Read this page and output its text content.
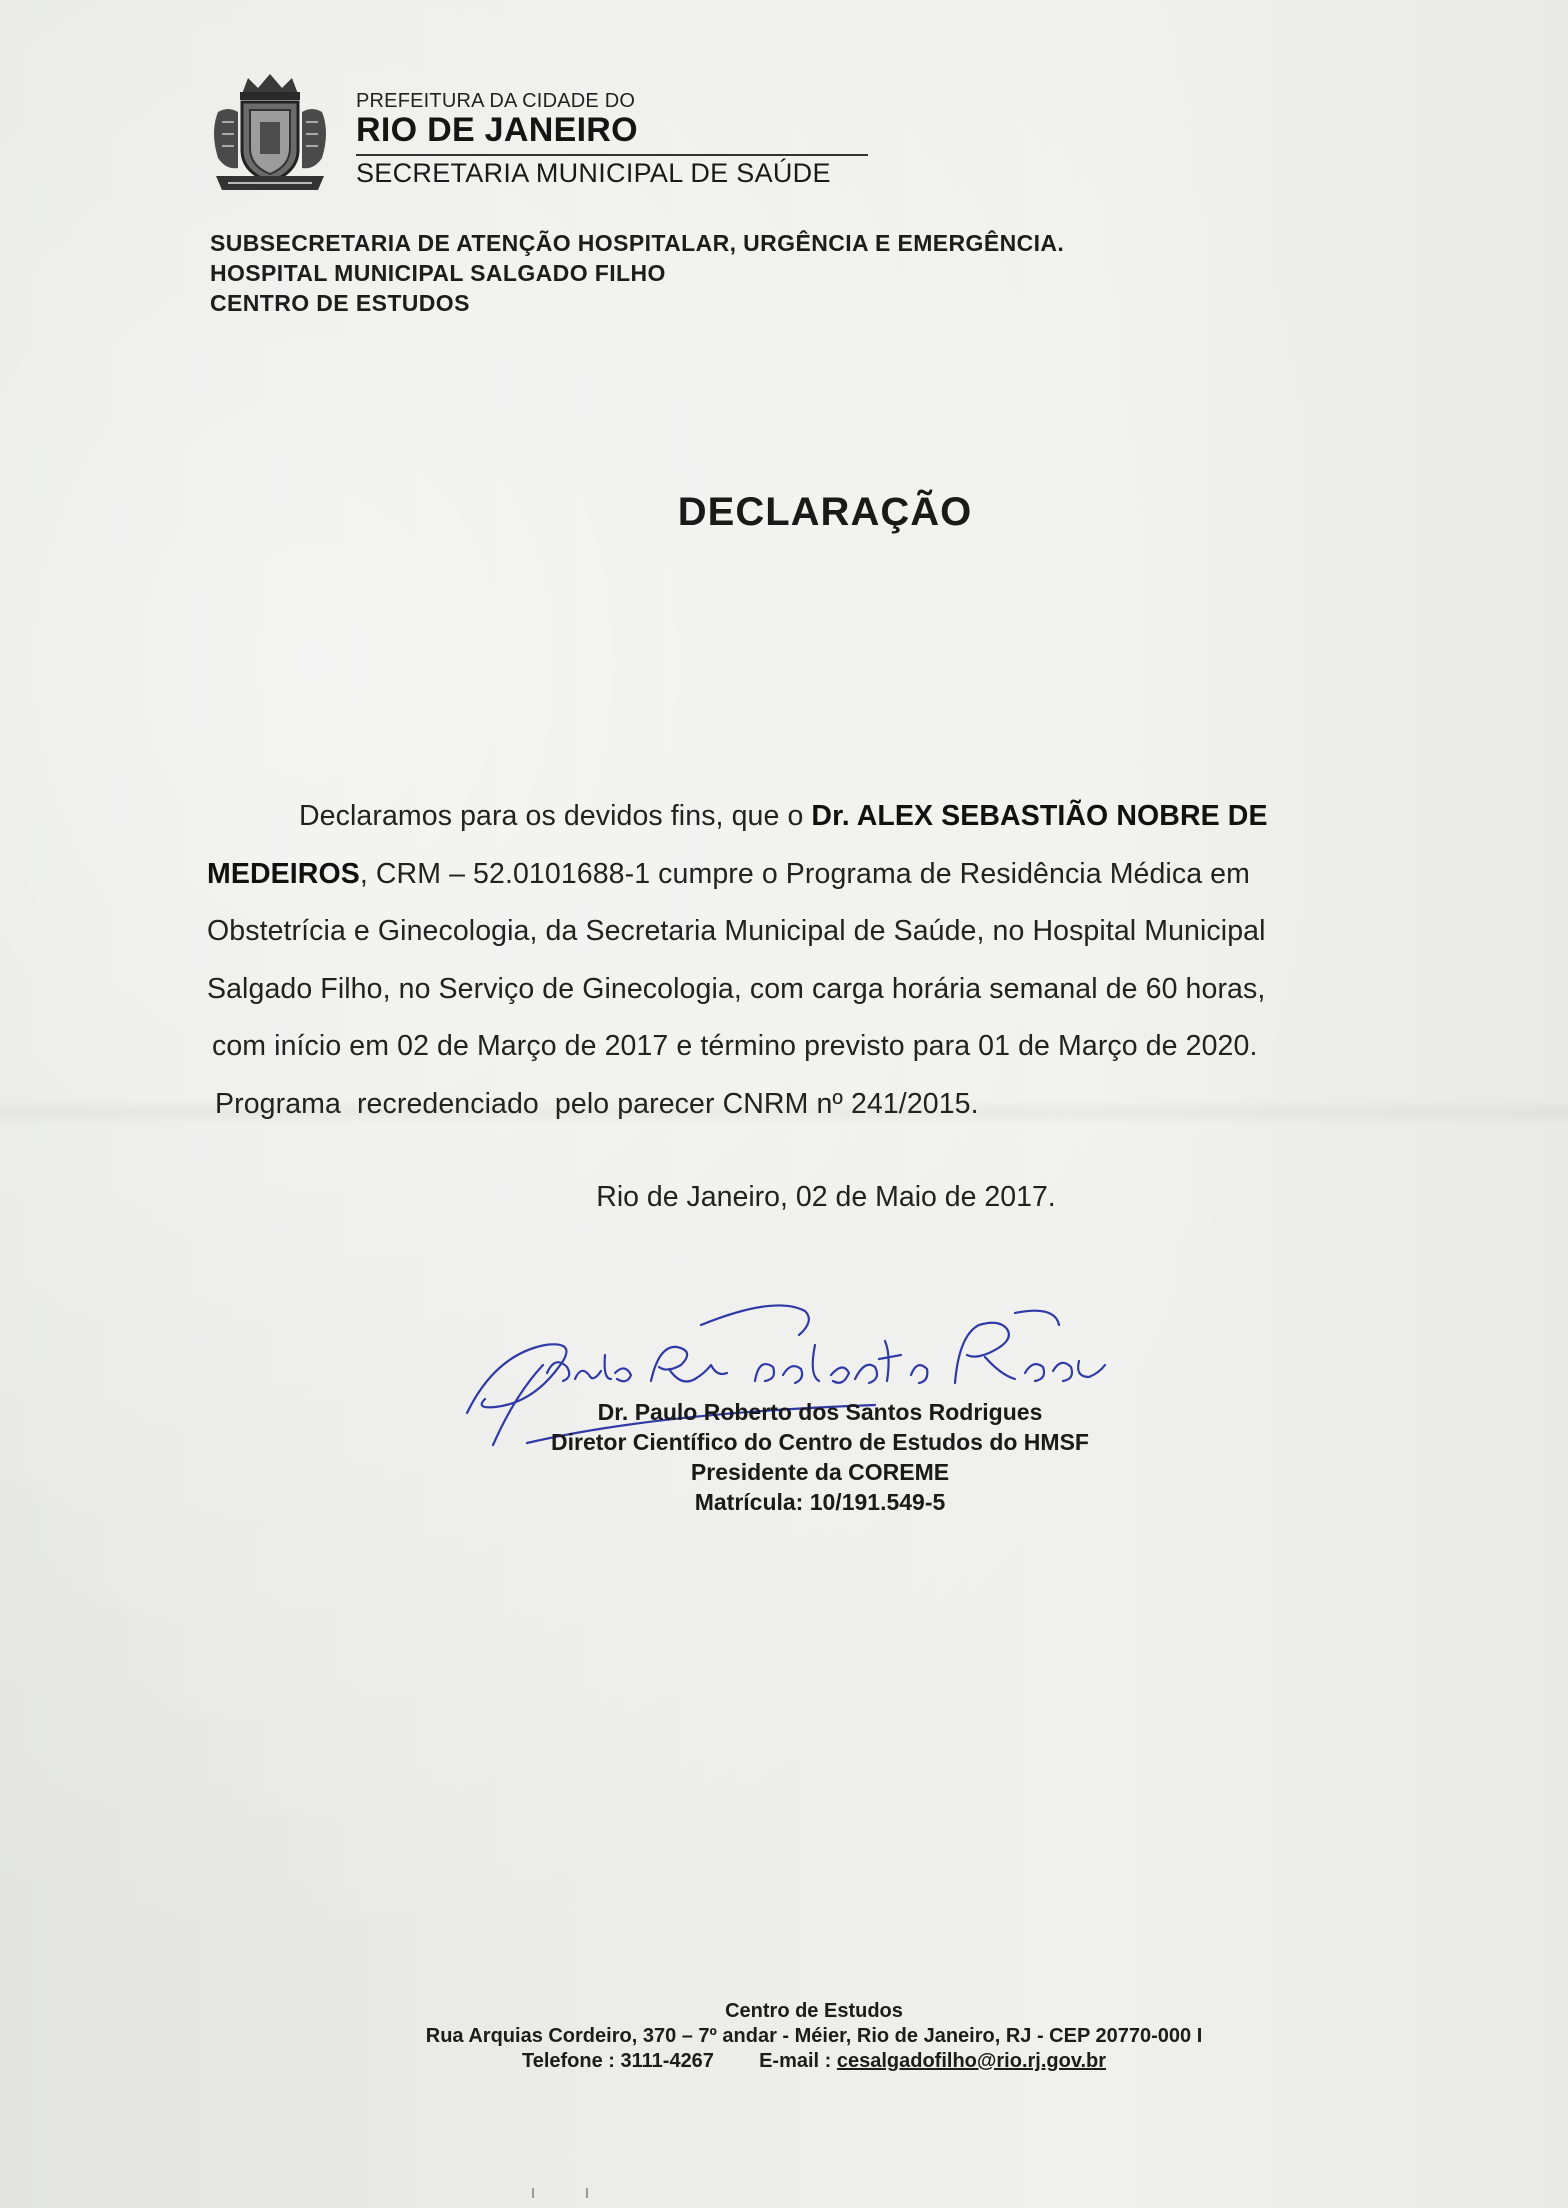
PREFEITURA DA CIDADE DO
RIO DE JANEIRO
SECRETARIA MUNICIPAL DE SAÚDE
SUBSECRETARIA DE ATENÇÃO HOSPITALAR, URGÊNCIA E EMERGÊNCIA.
HOSPITAL MUNICIPAL SALGADO FILHO
CENTRO DE ESTUDOS
DECLARAÇÃO
Declaramos para os devidos fins, que o Dr. ALEX SEBASTIÃO NOBRE DE
MEDEIROS, CRM – 52.0101688-1 cumpre o Programa de Residência Médica em
Obstetrícia e Ginecologia, da Secretaria Municipal de Saúde, no Hospital Municipal
Salgado Filho, no Serviço de Ginecologia, com carga horária semanal de 60 horas,
com início em 02 de Março de 2017 e término previsto para 01 de Março de 2020.
Programa  recredenciado  pelo parecer CNRM nº 241/2015.
Rio de Janeiro, 02 de Maio de 2017.
Dr. Paulo Roberto dos Santos Rodrigues
Diretor Científico do Centro de Estudos do HMSF
Presidente da COREME
Matrícula: 10/191.549-5
Centro de Estudos
Rua Arquias Cordeiro, 370 – 7º andar - Méier, Rio de Janeiro, RJ - CEP 20770-000 I
Telefone : 3111-4267 E-mail : cesalgadofilho@rio.rj.gov.br
